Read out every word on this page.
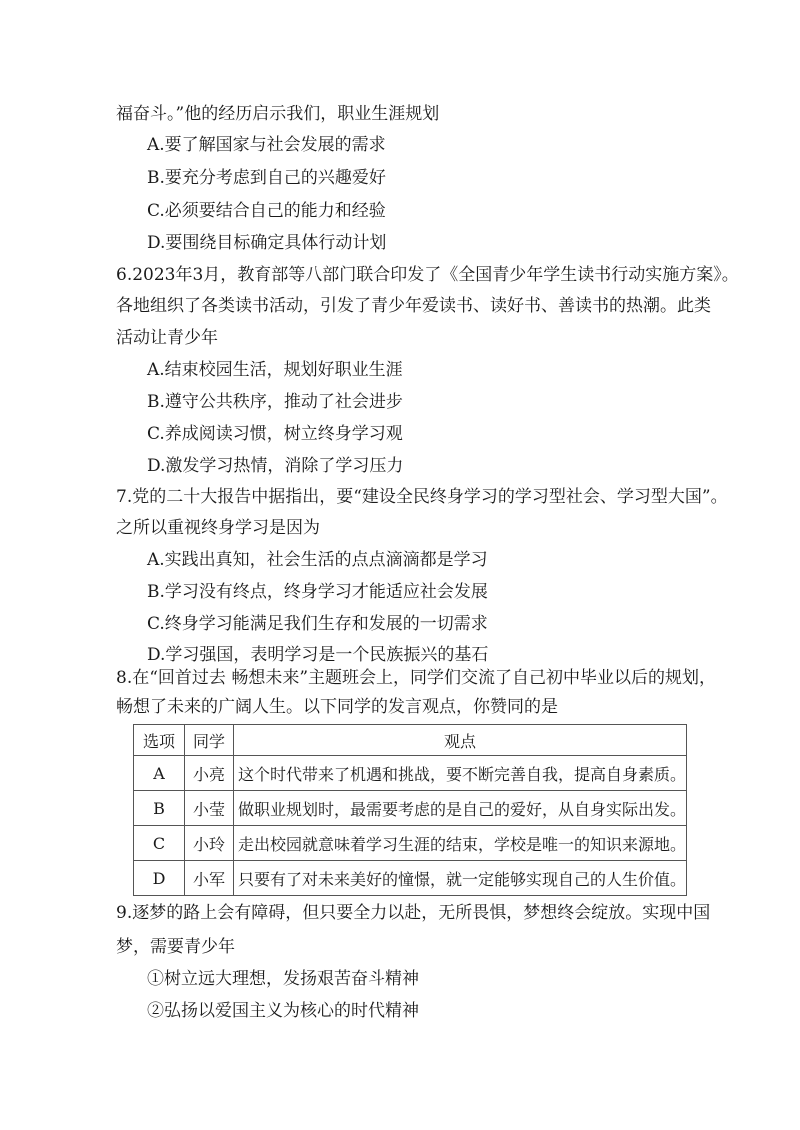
福奋斗。”他的经历启示我们，职业生涯规划
A.要了解国家与社会发展的需求
B.要充分考虑到自己的兴趣爱好
C.必须要结合自己的能力和经验
D.要围绕目标确定具体行动计划
6.2023年3月，教育部等八部门联合印发了《全国青少年学生读书行动实施方案》。
各地组织了各类读书活动，引发了青少年爱读书、读好书、善读书的热潮。此类
活动让青少年
A.结束校园生活，规划好职业生涯
B.遵守公共秩序，推动了社会进步
C.养成阅读习惯，树立终身学习观
D.激发学习热情，消除了学习压力
7.党的二十大报告中据指出，要“建设全民终身学习的学习型社会、学习型大国”。
之所以重视终身学习是因为
A.实践出真知，社会生活的点点滴滴都是学习
B.学习没有终点，终身学习才能适应社会发展
C.终身学习能满足我们生存和发展的一切需求
D.学习强国，表明学习是一个民族振兴的基石
8.在“回首过去 畅想未来”主题班会上，同学们交流了自己初中毕业以后的规划，
畅想了未来的广阔人生。以下同学的发言观点，你赞同的是
选项	同学	观点
A	小亮	这个时代带来了机遇和挑战，要不断完善自我，提高自身素质。
B	小莹	做职业规划时，最需要考虑的是自己的爱好，从自身实际出发。
C	小玲	走出校园就意味着学习生涯的结束，学校是唯一的知识来源地。
D	小军	只要有了对未来美好的憧憬，就一定能够实现自己的人生价值。
9.逐梦的路上会有障碍，但只要全力以赴，无所畏惧，梦想终会绽放。实现中国
梦，需要青少年
①树立远大理想，发扬艰苦奋斗精神
②弘扬以爱国主义为核心的时代精神
